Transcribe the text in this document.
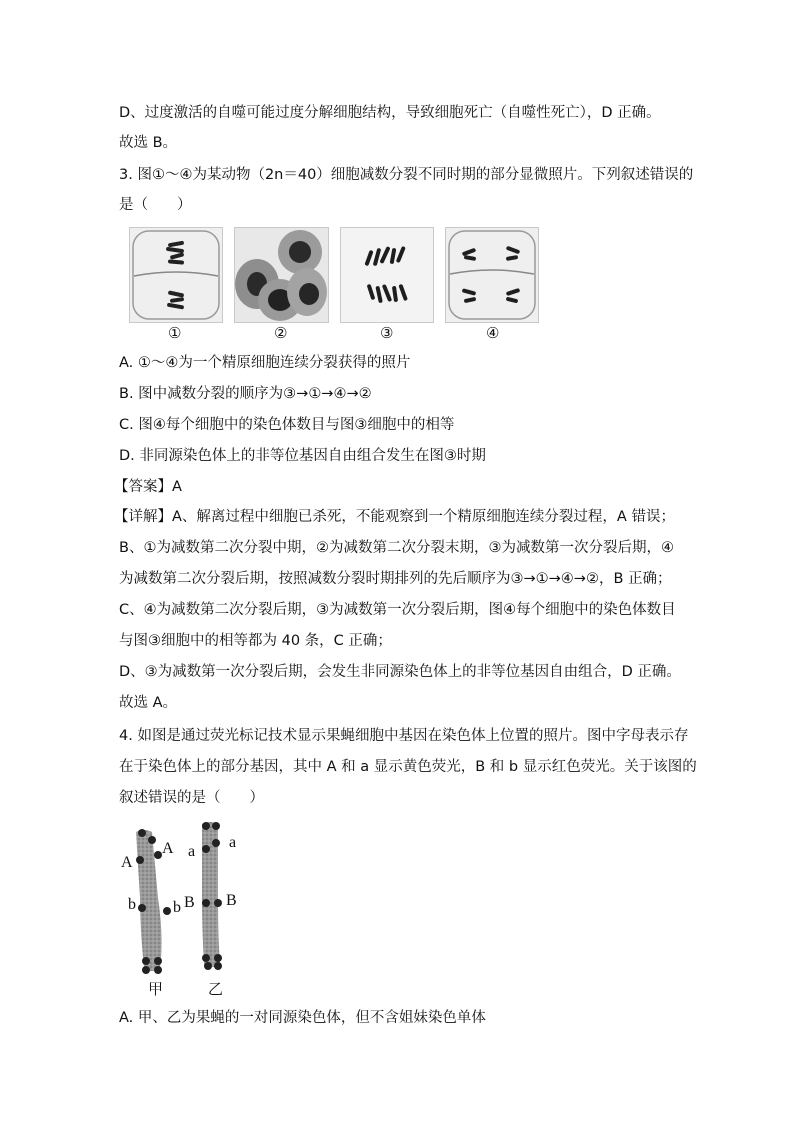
D、过度激活的自噬可能过度分解细胞结构，导致细胞死亡（自噬性死亡），D 正确。
故选 B。
3. 图①～④为某动物（2n＝40）细胞减数分裂不同时期的部分显微照片。下列叙述错误的
是（　　）
①	②	③	④
A. ①～④为一个精原细胞连续分裂获得的照片
B. 图中减数分裂的顺序为③→①→④→②
C. 图④每个细胞中的染色体数目与图③细胞中的相等
D. 非同源染色体上的非等位基因自由组合发生在图③时期
【答案】A
【详解】A、解离过程中细胞已杀死，不能观察到一个精原细胞连续分裂过程，A 错误；
B、①为减数第二次分裂中期，②为减数第二次分裂末期，③为减数第一次分裂后期，④
为减数第二次分裂后期，按照减数分裂时期排列的先后顺序为③→①→④→②，B 正确；
C、④为减数第二次分裂后期，③为减数第一次分裂后期，图④每个细胞中的染色体数目
与图③细胞中的相等都为 40 条，C 正确；
D、③为减数第一次分裂后期，会发生非同源染色体上的非等位基因自由组合，D 正确。
故选 A。
4. 如图是通过荧光标记技术显示果蝇细胞中基因在染色体上位置的照片。图中字母表示存
在于染色体上的部分基因，其中 A 和 a 显示黄色荧光，B 和 b 显示红色荧光。关于该图的
叙述错误的是（　　）
A
A
a
a
b b B B
甲	乙
A. 甲、乙为果蝇的一对同源染色体，但不含姐妹染色单体
